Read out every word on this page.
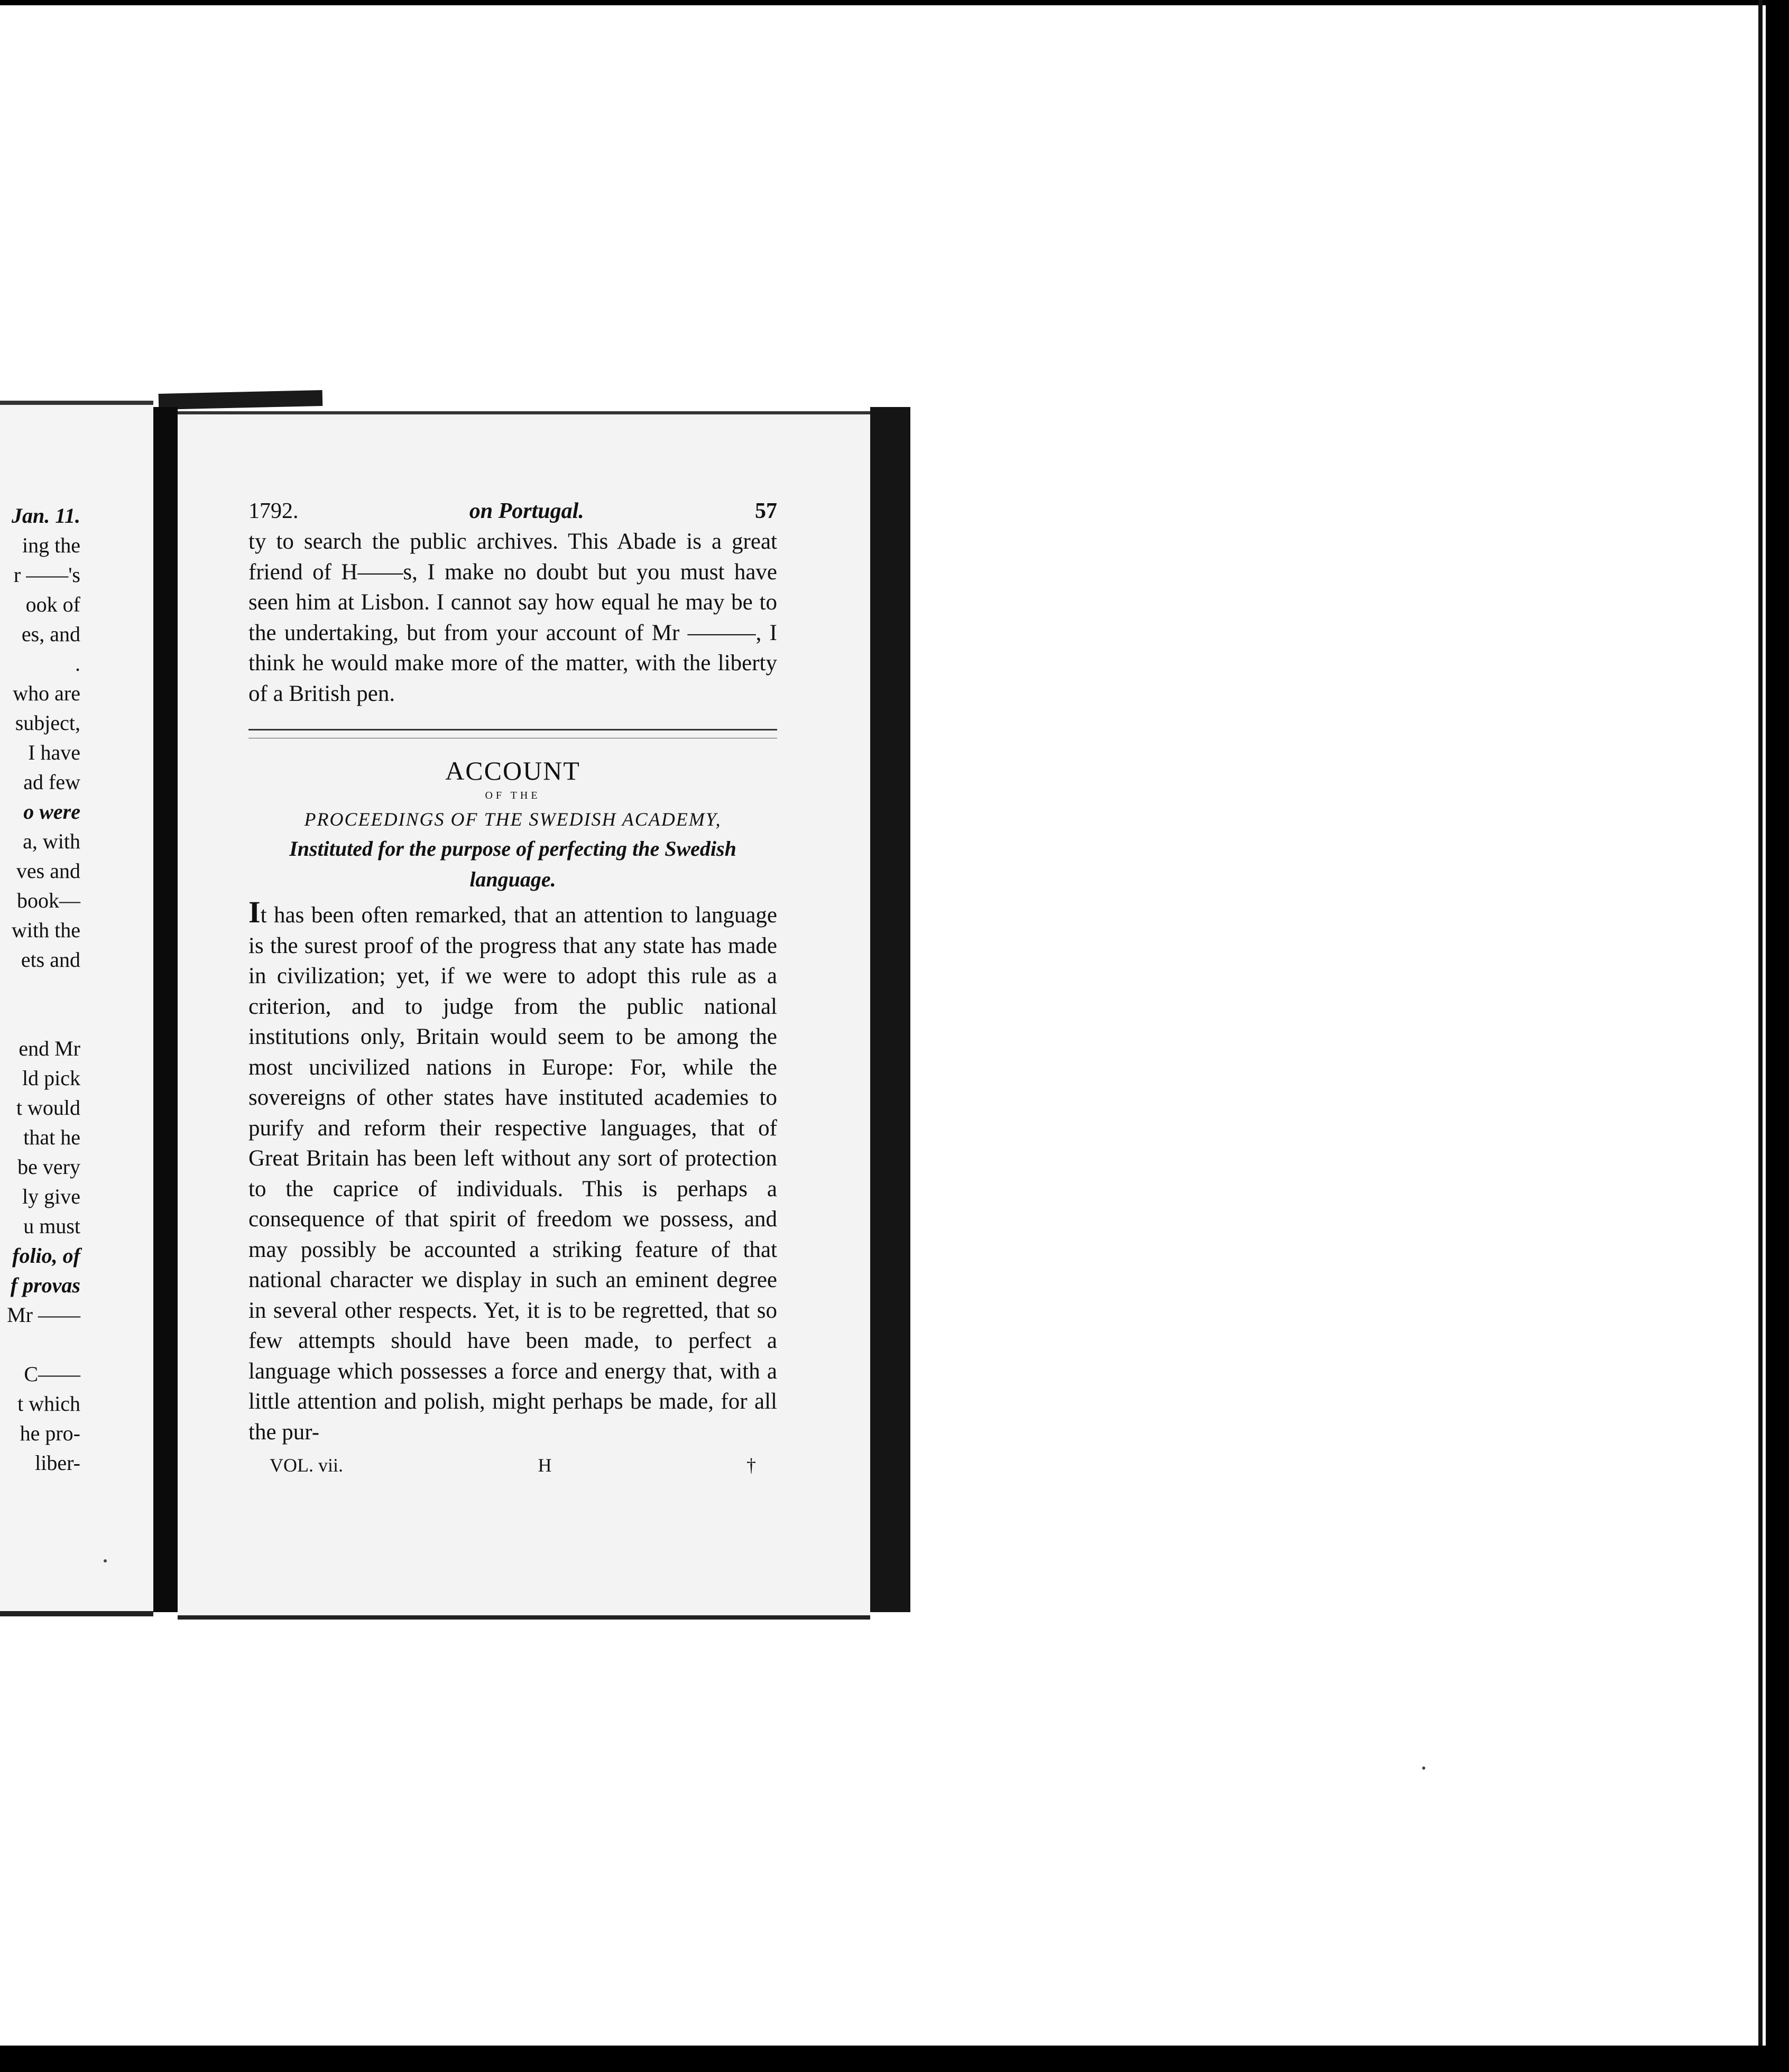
Jan. 11.
ing the
r ——'s
ook of
es, and
.
who are
subject,
I have
ad few
o were
a, with
ves and
book—
with the
ets and
end Mr
ld pick
t would
that he
be very
ly give
u must
folio, of
f provas
Mr ——
C——
t which
he pro-
liber-
1792.	on Portugal.	57

ty to search the public archives. This Abade is a great friend of H——s, I make no doubt but you must have seen him at Lisbon. I cannot say how equal he may be to the undertaking, but from your account of Mr ———, I think he would make more of the matter, with the liberty of a British pen.

ACCOUNT
OF THE
PROCEEDINGS OF THE SWEDISH ACADEMY,
Instituted for the purpose of perfecting the Swedish language.

It has been often remarked, that an attention to language is the surest proof of the progress that any state has made in civilization; yet, if we were to adopt this rule as a criterion, and to judge from the public national institutions only, Britain would seem to be among the most uncivilized nations in Europe: For, while the sovereigns of other states have instituted academies to purify and reform their respective languages, that of Great Britain has been left without any sort of protection to the caprice of individuals. This is perhaps a consequence of that spirit of freedom we possess, and may possibly be accounted a striking feature of that national character we display in such an eminent degree in several other respects. Yet, it is to be regretted, that so few attempts should have been made, to perfect a language which possesses a force and energy that, with a little attention and polish, might perhaps be made, for all the pur-

VOL. vii.	H	†
